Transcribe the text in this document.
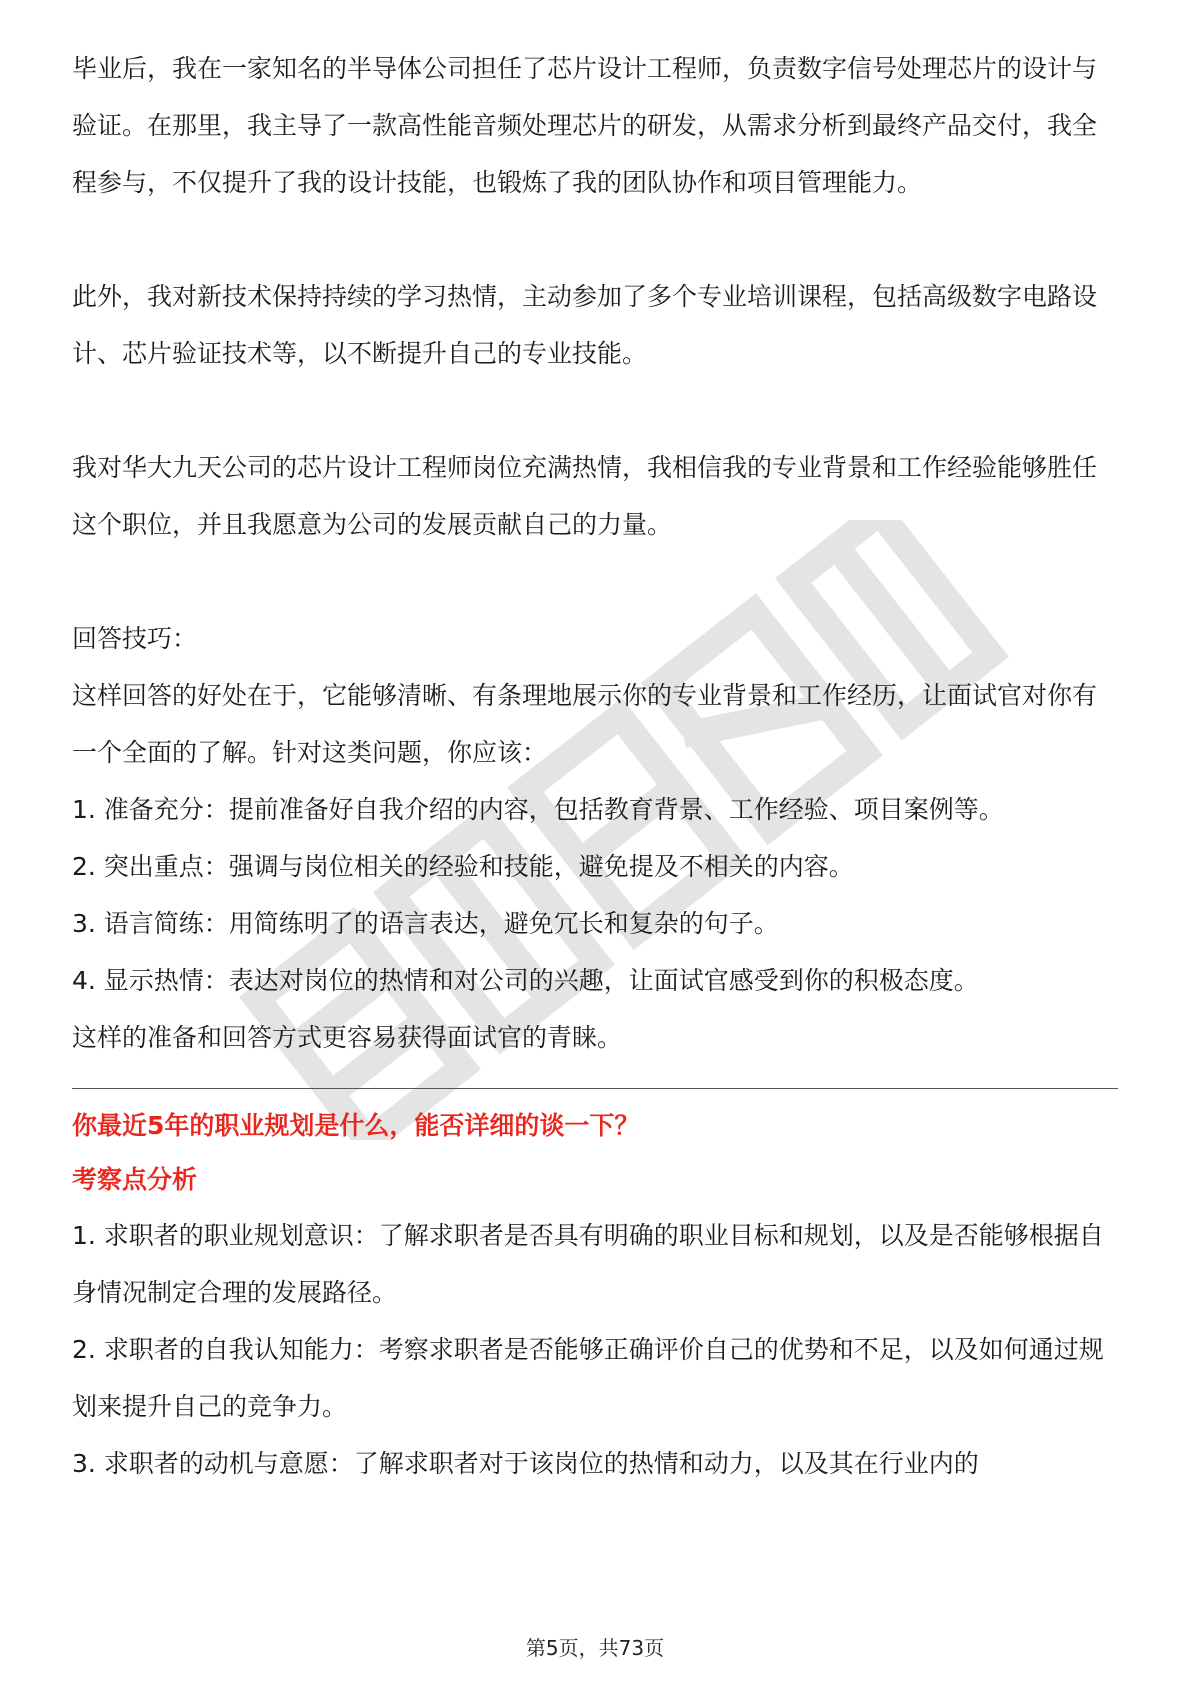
毕业后，我在一家知名的半导体公司担任了芯片设计工程师，负责数字信号处理芯片的设计与验证。在那里，我主导了一款高性能音频处理芯片的研发，从需求分析到最终产品交付，我全程参与，不仅提升了我的设计技能，也锻炼了我的团队协作和项目管理能力。

此外，我对新技术保持持续的学习热情，主动参加了多个专业培训课程，包括高级数字电路设计、芯片验证技术等，以不断提升自己的专业技能。

我对华大九天公司的芯片设计工程师岗位充满热情，我相信我的专业背景和工作经验能够胜任这个职位，并且我愿意为公司的发展贡献自己的力量。

回答技巧：

这样回答的好处在于，它能够清晰、有条理地展示你的专业背景和工作经历，让面试官对你有一个全面的了解。针对这类问题，你应该：

1. 准备充分：提前准备好自我介绍的内容，包括教育背景、工作经验、项目案例等。

2. 突出重点：强调与岗位相关的经验和技能，避免提及不相关的内容。

3. 语言简练：用简练明了的语言表达，避免冗长和复杂的句子。

4. 显示热情：表达对岗位的热情和对公司的兴趣，让面试官感受到你的积极态度。

这样的准备和回答方式更容易获得面试官的青睐。

你最近5年的职业规划是什么，能否详细的谈一下？

考察点分析

1. 求职者的职业规划意识：了解求职者是否具有明确的职业目标和规划，以及是否能够根据自身情况制定合理的发展路径。

2. 求职者的自我认知能力：考察求职者是否能够正确评价自己的优势和不足，以及如何通过规划来提升自己的竞争力。

3. 求职者的动机与意愿：了解求职者对于该岗位的热情和动力，以及其在行业内的

第5页，共73页
